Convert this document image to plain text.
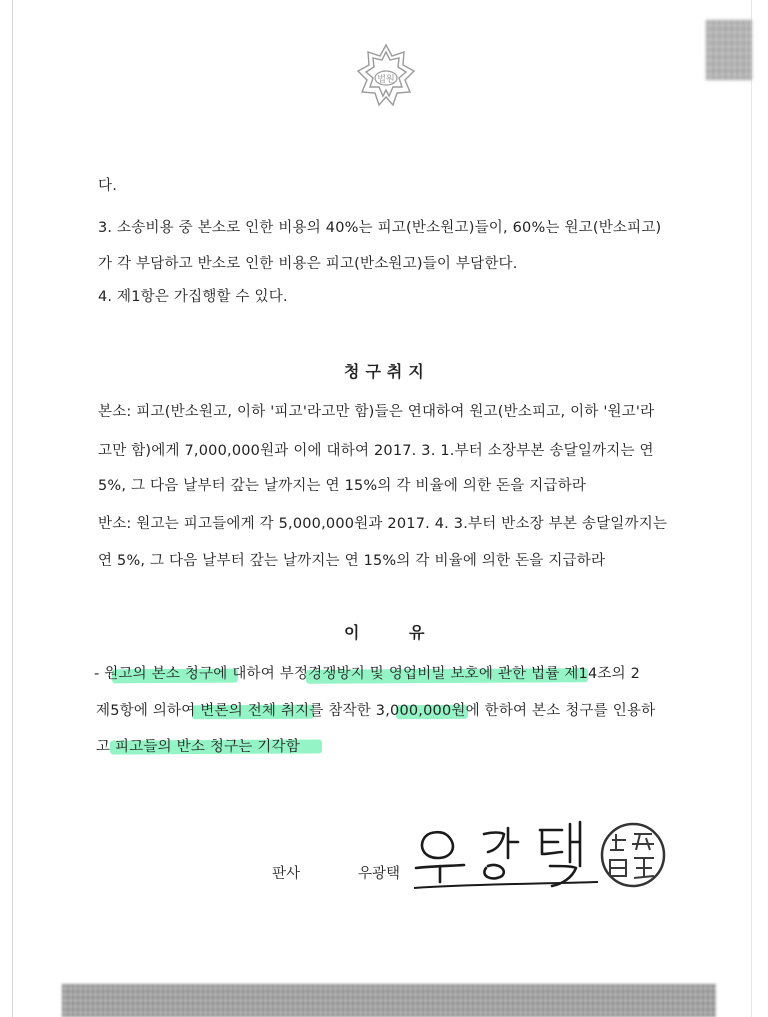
법원
다.
3. 소송비용 중 본소로 인한 비용의 40%는 피고(반소원고)들이, 60%는 원고(반소피고)
가 각 부담하고 반소로 인한 비용은 피고(반소원고)들이 부담한다.
4. 제1항은 가집행할 수 있다.
청구취지
본소: 피고(반소원고, 이하 '피고'라고만 함)들은 연대하여 원고(반소피고, 이하 '원고'라
고만 함)에게 7,000,000원과 이에 대하여 2017. 3. 1.부터 소장부본 송달일까지는 연
5%, 그 다음 날부터 갚는 날까지는 연 15%의 각 비율에 의한 돈을 지급하라
반소: 원고는 피고들에게 각 5,000,000원과 2017. 4. 3.부터 반소장 부본 송달일까지는
연 5%, 그 다음 날부터 갚는 날까지는 연 15%의 각 비율에 의한 돈을 지급하라
이 유
- 원고의 본소 청구에 대하여 부정경쟁방지 및 영업비밀 보호에 관한 법률 제14조의 2
제5항에 의하여 변론의 전체 취지를 참작한 3,000,000원에 한하여 본소 청구를 인용하
고 피고들의 반소 청구는 기각함
판사	우광택
